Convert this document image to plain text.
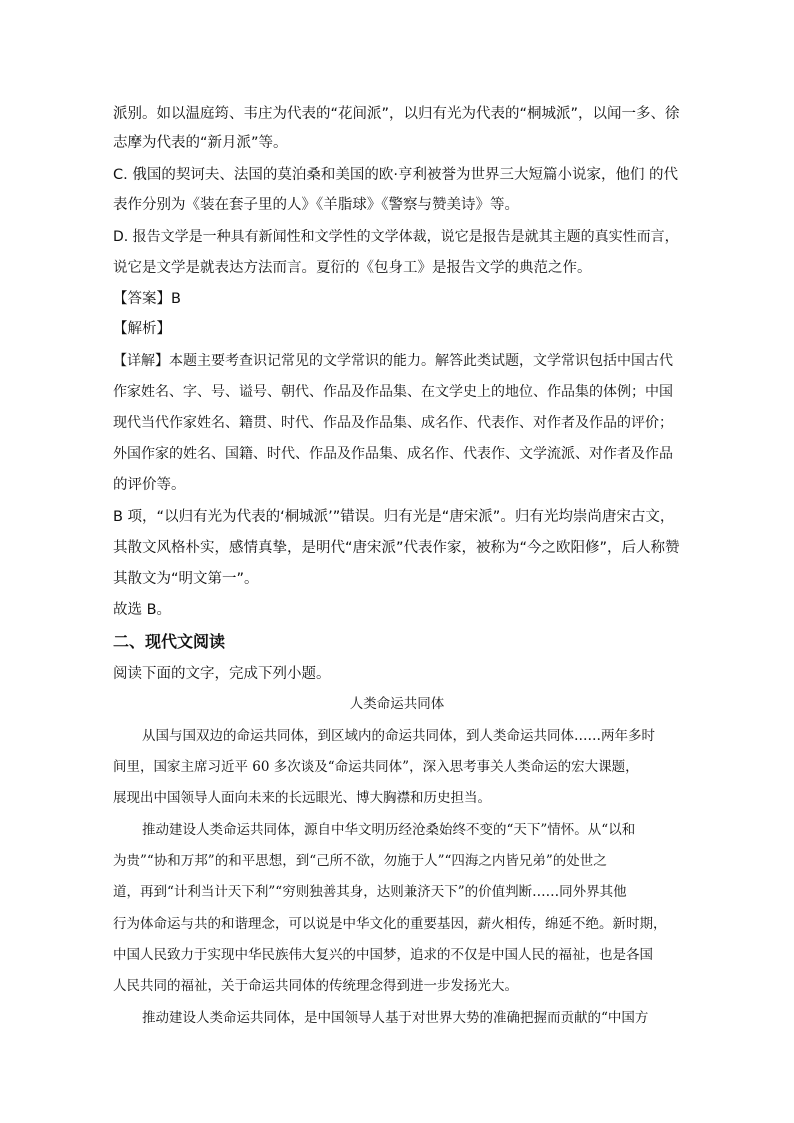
派别。如以温庭筠、韦庄为代表的“花间派”，以归有光为代表的“桐城派”，以闻一多、徐
志摩为代表的“新月派”等。
C. 俄国的契诃夫、法国的莫泊桑和美国的欧·亨利被誉为世界三大短篇小说家，他们 的代
表作分别为《装在套子里的人》《羊脂球》《警察与赞美诗》等。
D. 报告文学是一种具有新闻性和文学性的文学体裁，说它是报告是就其主题的真实性而言，
说它是文学是就表达方法而言。夏衍的《包身工》是报告文学的典范之作。
【答案】B
【解析】
【详解】本题主要考查识记常见的文学常识的能力。解答此类试题，文学常识包括中国古代
作家姓名、字、号、谥号、朝代、作品及作品集、在文学史上的地位、作品集的体例；中国
现代当代作家姓名、籍贯、时代、作品及作品集、成名作、代表作、对作者及作品的评价；
外国作家的姓名、国籍、时代、作品及作品集、成名作、代表作、文学流派、对作者及作品
的评价等。
B 项，“以归有光为代表的‘桐城派’”错误。归有光是“唐宋派”。归有光均崇尚唐宋古文，
其散文风格朴实，感情真挚，是明代“唐宋派”代表作家，被称为“今之欧阳修”，后人称赞
其散文为“明文第一”。
故选 B。
二、现代文阅读
阅读下面的文字，完成下列小题。
人类命运共同体
从国与国双边的命运共同体，到区域内的命运共同体，到人类命运共同体……两年多时
间里，国家主席习近平 60 多次谈及“命运共同体”，深入思考事关人类命运的宏大课题，
展现出中国领导人面向未来的长远眼光、博大胸襟和历史担当。
推动建设人类命运共同体，源自中华文明历经沧桑始终不变的“天下”情怀。从“以和
为贵”“协和万邦”的和平思想，到“己所不欲，勿施于人”“四海之内皆兄弟”的处世之
道，再到“计利当计天下利”“穷则独善其身，达则兼济天下”的价值判断……同外界其他
行为体命运与共的和谐理念，可以说是中华文化的重要基因，薪火相传，绵延不绝。新时期，
中国人民致力于实现中华民族伟大复兴的中国梦，追求的不仅是中国人民的福祉，也是各国
人民共同的福祉，关于命运共同体的传统理念得到进一步发扬光大。
推动建设人类命运共同体，是中国领导人基于对世界大势的准确把握而贡献的“中国方
